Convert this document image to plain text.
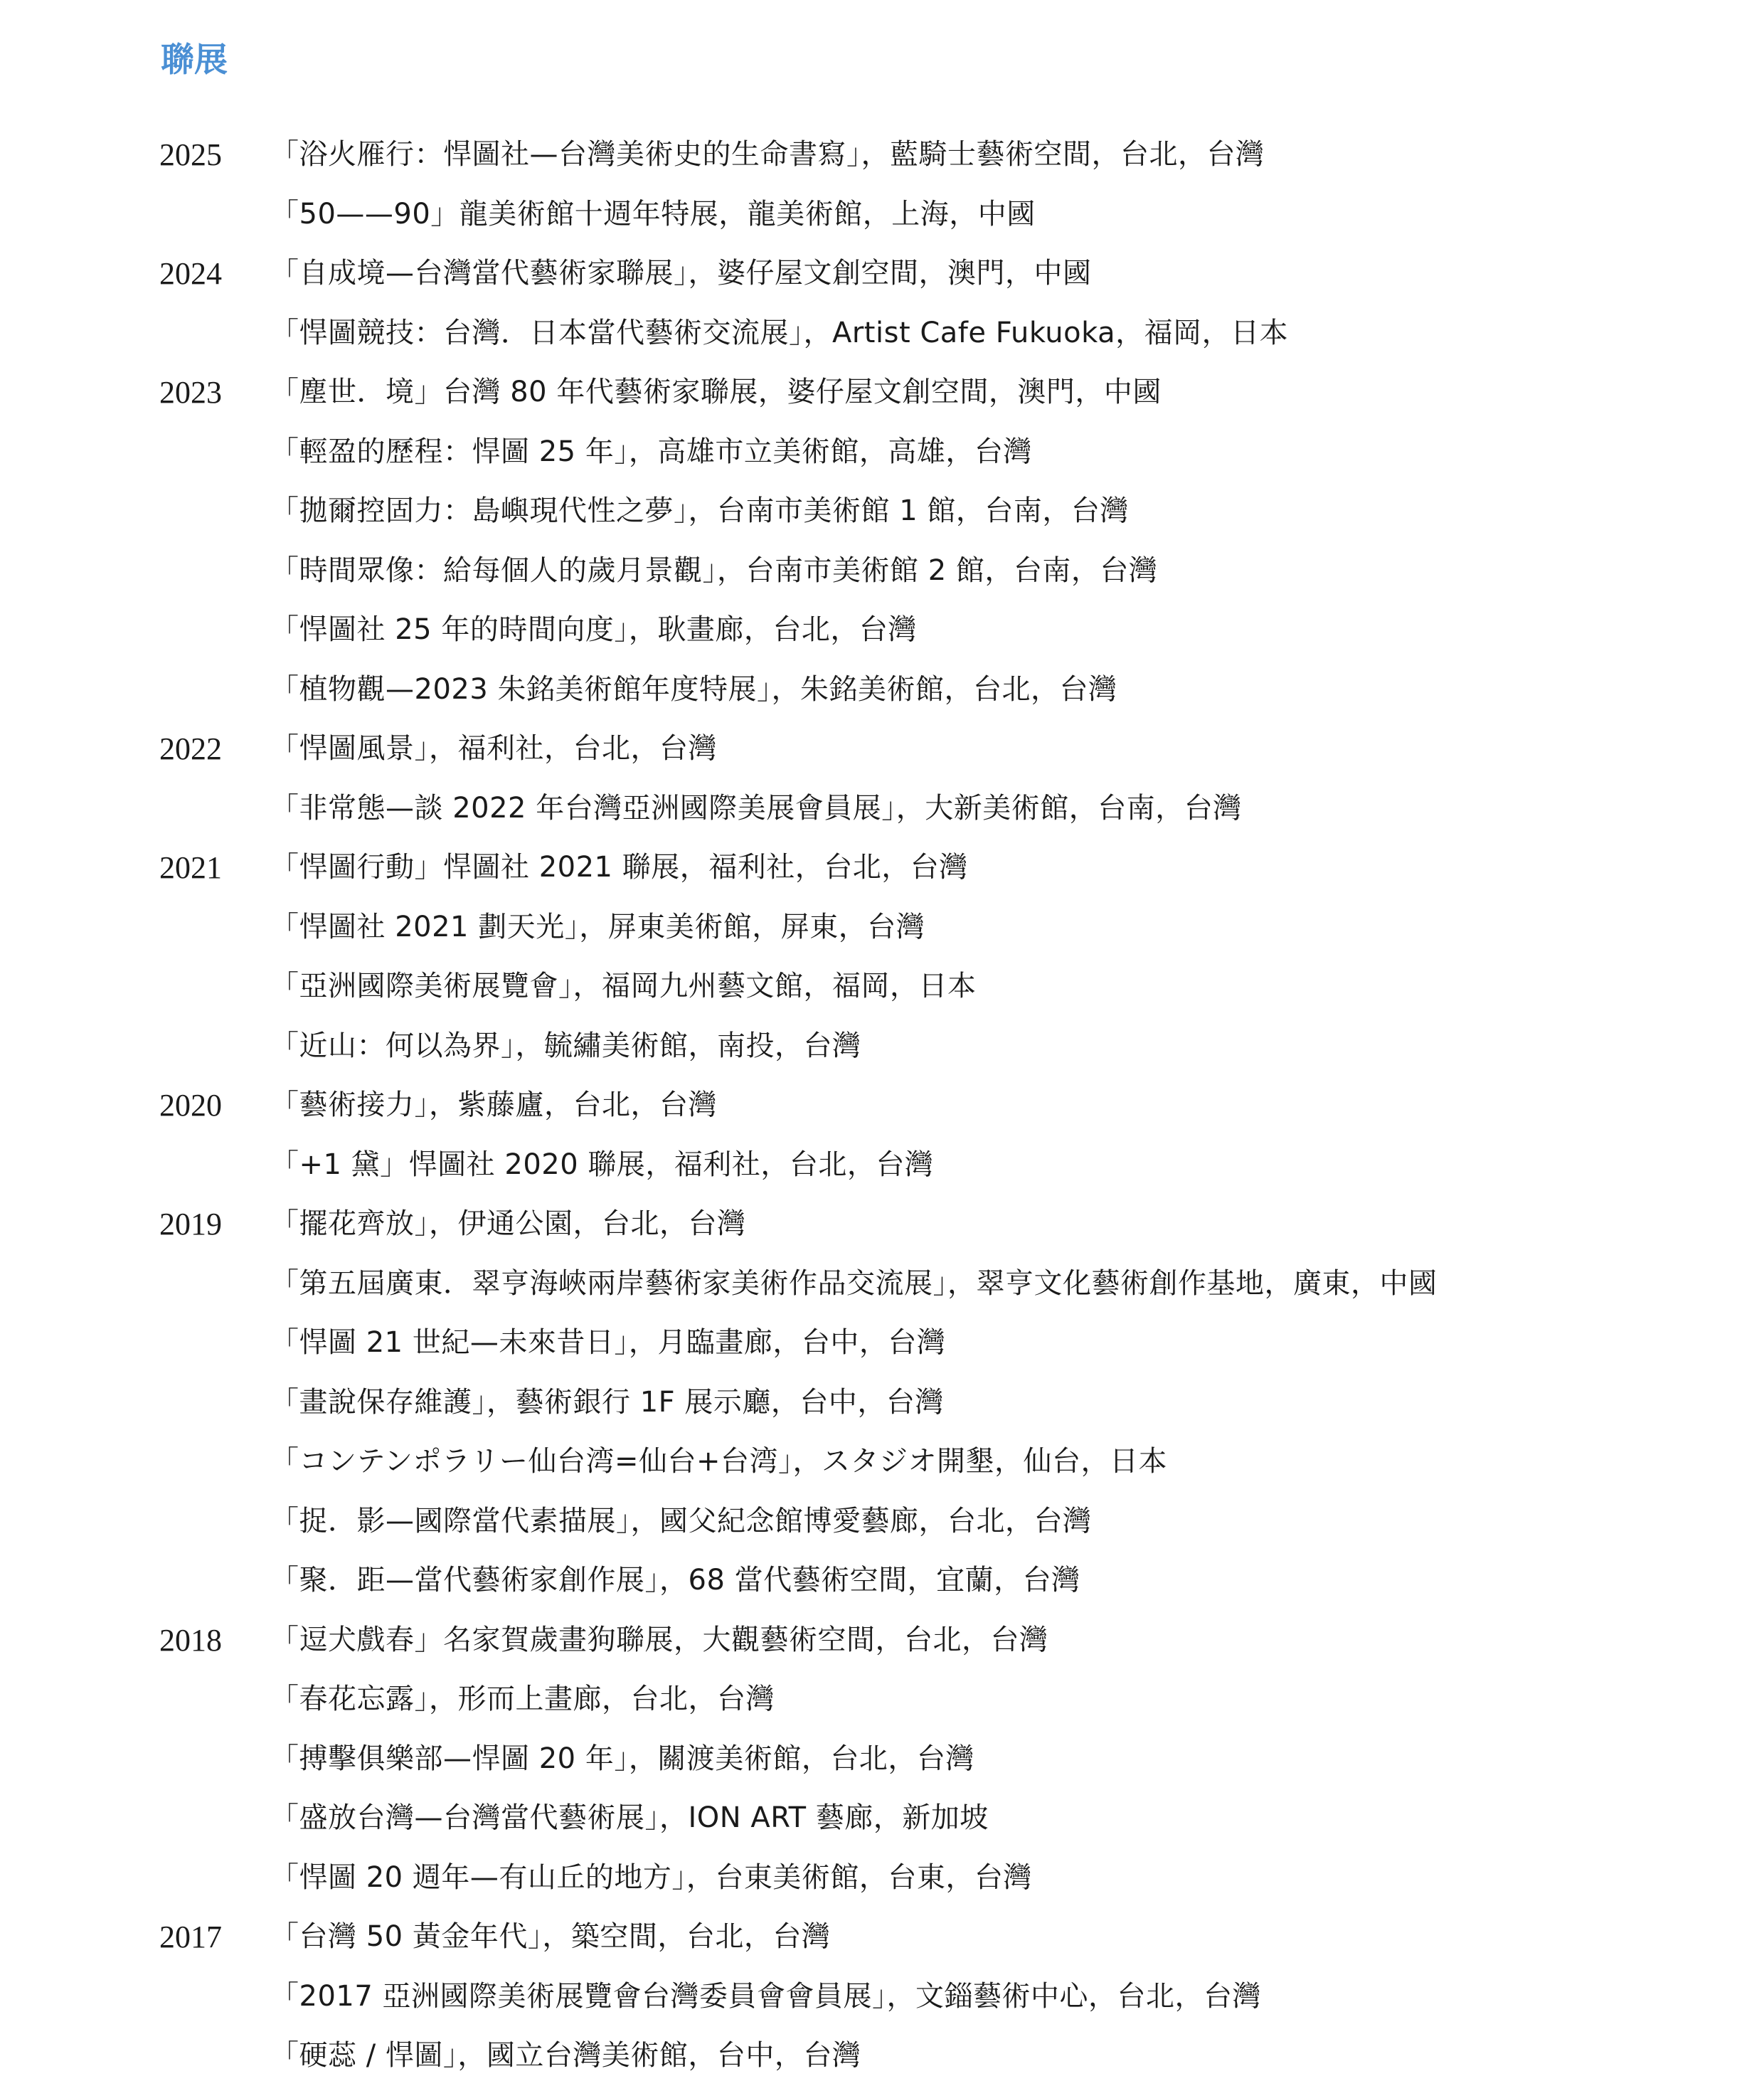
聯展
2025 「浴火雁行：悍圖社—台灣美術史的生命書寫」，藍騎士藝術空間，台北，台灣
「50——90」龍美術館十週年特展，龍美術館，上海，中國
2024 「自成境—台灣當代藝術家聯展」，婆仔屋文創空間，澳門，中國
「悍圖競技：台灣．日本當代藝術交流展」，Artist Cafe Fukuoka，福岡，日本
2023 「塵世．境」台灣 80 年代藝術家聯展，婆仔屋文創空間，澳門，中國
「輕盈的歷程：悍圖 25 年」，高雄市立美術館，高雄，台灣
「拋爾控固力：島嶼現代性之夢」，台南市美術館 1 館，台南，台灣
「時間眾像：給每個人的歲月景觀」，台南市美術館 2 館，台南，台灣
「悍圖社 25 年的時間向度」，耿畫廊，台北，台灣
「植物觀—2023 朱銘美術館年度特展」，朱銘美術館，台北，台灣
2022 「悍圖風景」，福利社，台北，台灣
「非常態—談 2022 年台灣亞洲國際美展會員展」，大新美術館，台南，台灣
2021 「悍圖行動」悍圖社 2021 聯展，福利社，台北，台灣
「悍圖社 2021 劃天光」，屏東美術館，屏東，台灣
「亞洲國際美術展覽會」，福岡九州藝文館，福岡，日本
「近山：何以為界」，毓繡美術館，南投，台灣
2020 「藝術接力」，紫藤廬，台北，台灣
「+1 黛」悍圖社 2020 聯展，福利社，台北，台灣
2019 「擺花齊放」，伊通公園，台北，台灣
「第五屆廣東．翠亨海峽兩岸藝術家美術作品交流展」，翠亨文化藝術創作基地，廣東，中國
「悍圖 21 世紀—未來昔日」，月臨畫廊，台中，台灣
「畫說保存維護」，藝術銀行 1F 展示廳，台中，台灣
「コンテンポラリー仙台湾=仙台+台湾」，スタジオ開墾，仙台，日本
「捉．影—國際當代素描展」，國父紀念館博愛藝廊，台北，台灣
「聚．距—當代藝術家創作展」，68 當代藝術空間，宜蘭，台灣
2018 「逗犬戲春」名家賀歲畫狗聯展，大觀藝術空間，台北，台灣
「春花忘露」，形而上畫廊，台北，台灣
「搏擊俱樂部—悍圖 20 年」，關渡美術館，台北，台灣
「盛放台灣—台灣當代藝術展」，ION ART 藝廊，新加坡
「悍圖 20 週年—有山丘的地方」，台東美術館，台東，台灣
2017 「台灣 50 黃金年代」，築空間，台北，台灣
「2017 亞洲國際美術展覽會台灣委員會會員展」，文錙藝術中心，台北，台灣
「硬蕊 / 悍圖」，國立台灣美術館，台中，台灣
